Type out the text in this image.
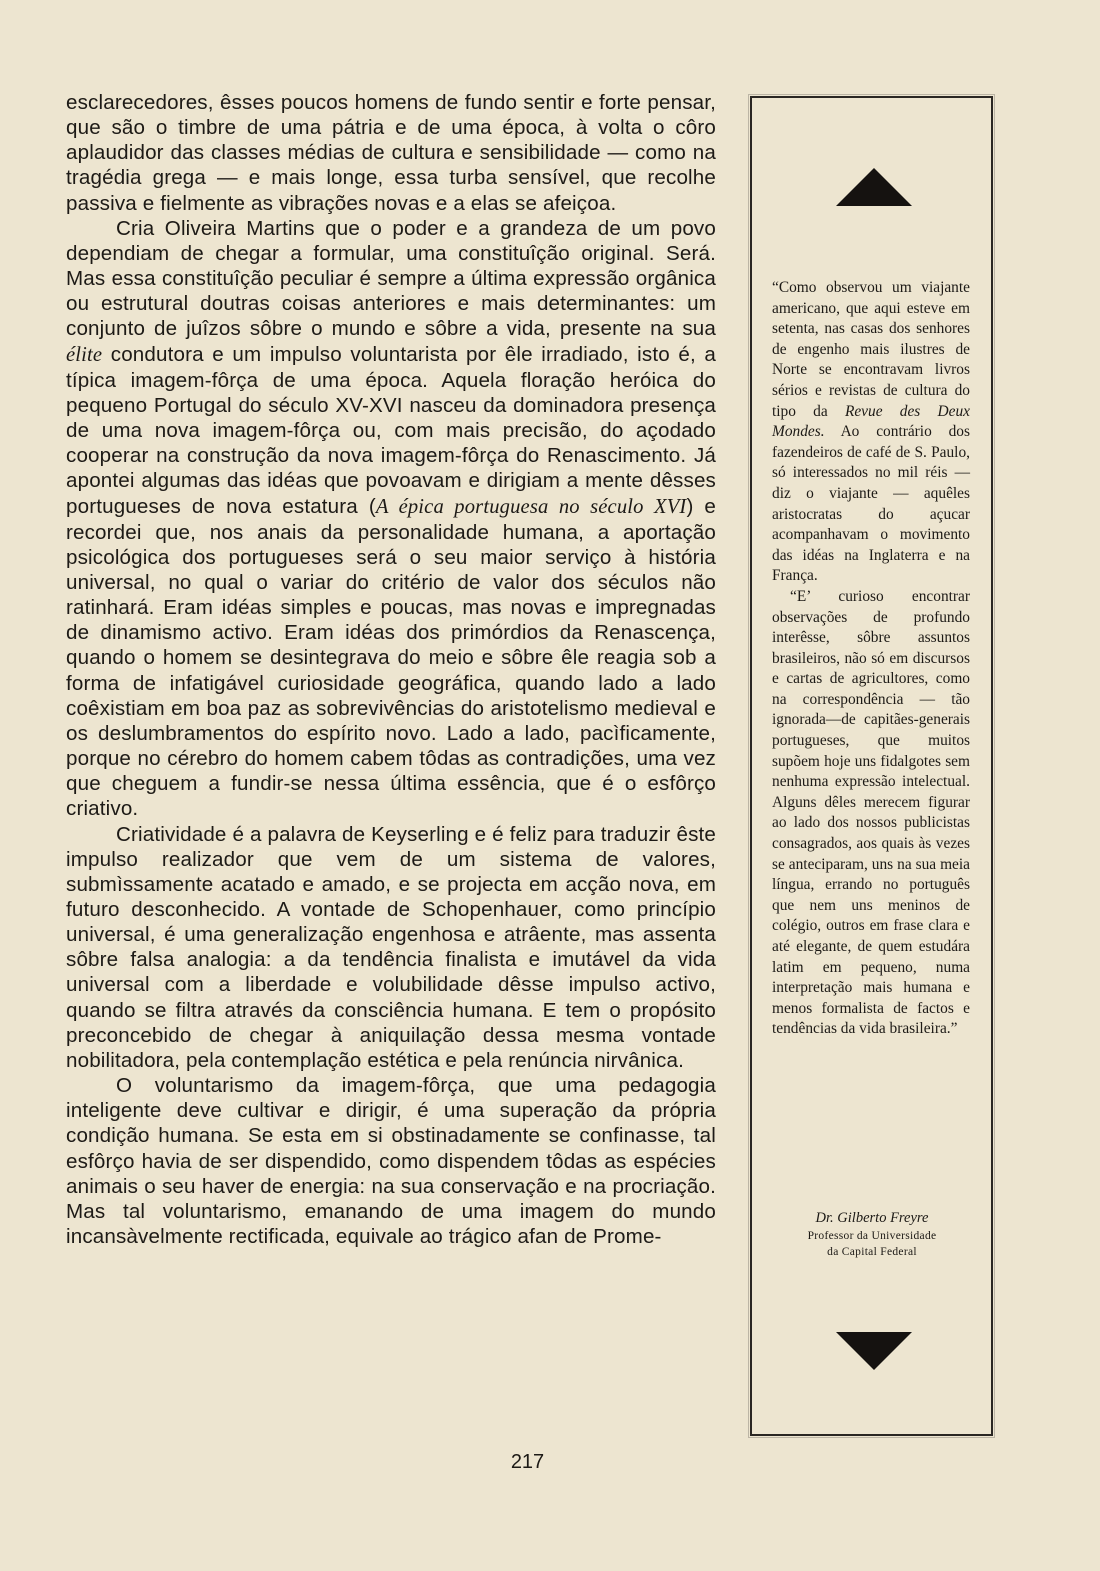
esclarecedores, êsses poucos homens de fundo sentir e forte pensar, que são o timbre de uma pátria e de uma época, à volta o côro aplaudidor das classes médias de cultura e sensibilidade — como na tragédia grega — e mais longe, essa turba sensível, que recolhe passiva e fielmente as vibrações novas e a elas se afeiçoa.

Cria Oliveira Martins que o poder e a grandeza de um povo dependiam de chegar a formular, uma constituîção original. Será. Mas essa constituîção peculiar é sempre a última expressão orgânica ou estrutural doutras coisas anteriores e mais determinantes: um conjunto de juîzos sôbre o mundo e sôbre a vida, presente na sua élite condutora e um impulso voluntarista por êle irradiado, isto é, a típica imagem-fôrça de uma época. Aquela floração heróica do pequeno Portugal do século XV-XVI nasceu da dominadora presença de uma nova imagem-fôrça ou, com mais precisão, do açodado cooperar na construção da nova imagem-fôrça do Renascimento. Já apontei algumas das idéas que povoavam e dirigiam a mente dêsses portugueses de nova estatura (A épica portuguesa no século XVI) e recordei que, nos anais da personalidade humana, a aportação psicológica dos portugueses será o seu maior serviço à história universal, no qual o variar do critério de valor dos séculos não ratinhará. Eram idéas simples e poucas, mas novas e impregnadas de dinamismo activo. Eram idéas dos primórdios da Renascença, quando o homem se desintegrava do meio e sôbre êle reagia sob a forma de infatigável curiosidade geográfica, quando lado a lado coêxistiam em boa paz as sobrevivências do aristotelismo medieval e os deslumbramentos do espírito novo. Lado a lado, pacìficamente, porque no cérebro do homem cabem tôdas as contradições, uma vez que cheguem a fundir-se nessa última essência, que é o esfôrço criativo.

Criatividade é a palavra de Keyserling e é feliz para traduzir êste impulso realizador que vem de um sistema de valores, submìssamente acatado e amado, e se projecta em acção nova, em futuro desconhecido. A vontade de Schopenhauer, como princípio universal, é uma generalização engenhosa e atrâente, mas assenta sôbre falsa analogia: a da tendência finalista e imutável da vida universal com a liberdade e volubilidade dêsse impulso activo, quando se filtra através da consciência humana. E tem o propósito preconcebido de chegar à aniquilação dessa mesma vontade nobilitadora, pela contemplação estética e pela renúncia nirvânica.

O voluntarismo da imagem-fôrça, que uma pedagogia inteligente deve cultivar e dirigir, é uma superação da própria condição humana. Se esta em si obstinadamente se confinasse, tal esfôrço havia de ser dispendido, como dispendem tôdas as espécies animais o seu haver de energia: na sua conservação e na procriação. Mas tal voluntarismo, emanando de uma imagem do mundo incansàvelmente rectificada, equivale ao trágico afan de Prome-

“Como observou um viajante americano, que aqui esteve em setenta, nas casas dos senhores de engenho mais ilustres de Norte se encontravam livros sérios e revistas de cultura do tipo da Revue des Deux Mondes. Ao contrário dos fazendeiros de café de S. Paulo, só interessados no mil réis — diz o viajante — aquêles aristocratas do açucar acompanhavam o movimento das idéas na Inglaterra e na França.

“E’ curioso encontrar observações de profundo interêsse, sôbre assuntos brasileiros, não só em discursos e cartas de agricultores, como na correspondência — tão ignorada—de capitães-generais portugueses, que muitos supõem hoje uns fidalgotes sem nenhuma expressão intelectual. Alguns dêles merecem figurar ao lado dos nossos publicistas consagrados, aos quais às vezes se anteciparam, uns na sua meia língua, errando no português que nem uns meninos de colégio, outros em frase clara e até elegante, de quem estudára latim em pequeno, numa interpretação mais humana e menos formalista de factos e tendências da vida brasileira.”

Dr. Gilberto Freyre
Professor da Universidade
da Capital Federal
217
